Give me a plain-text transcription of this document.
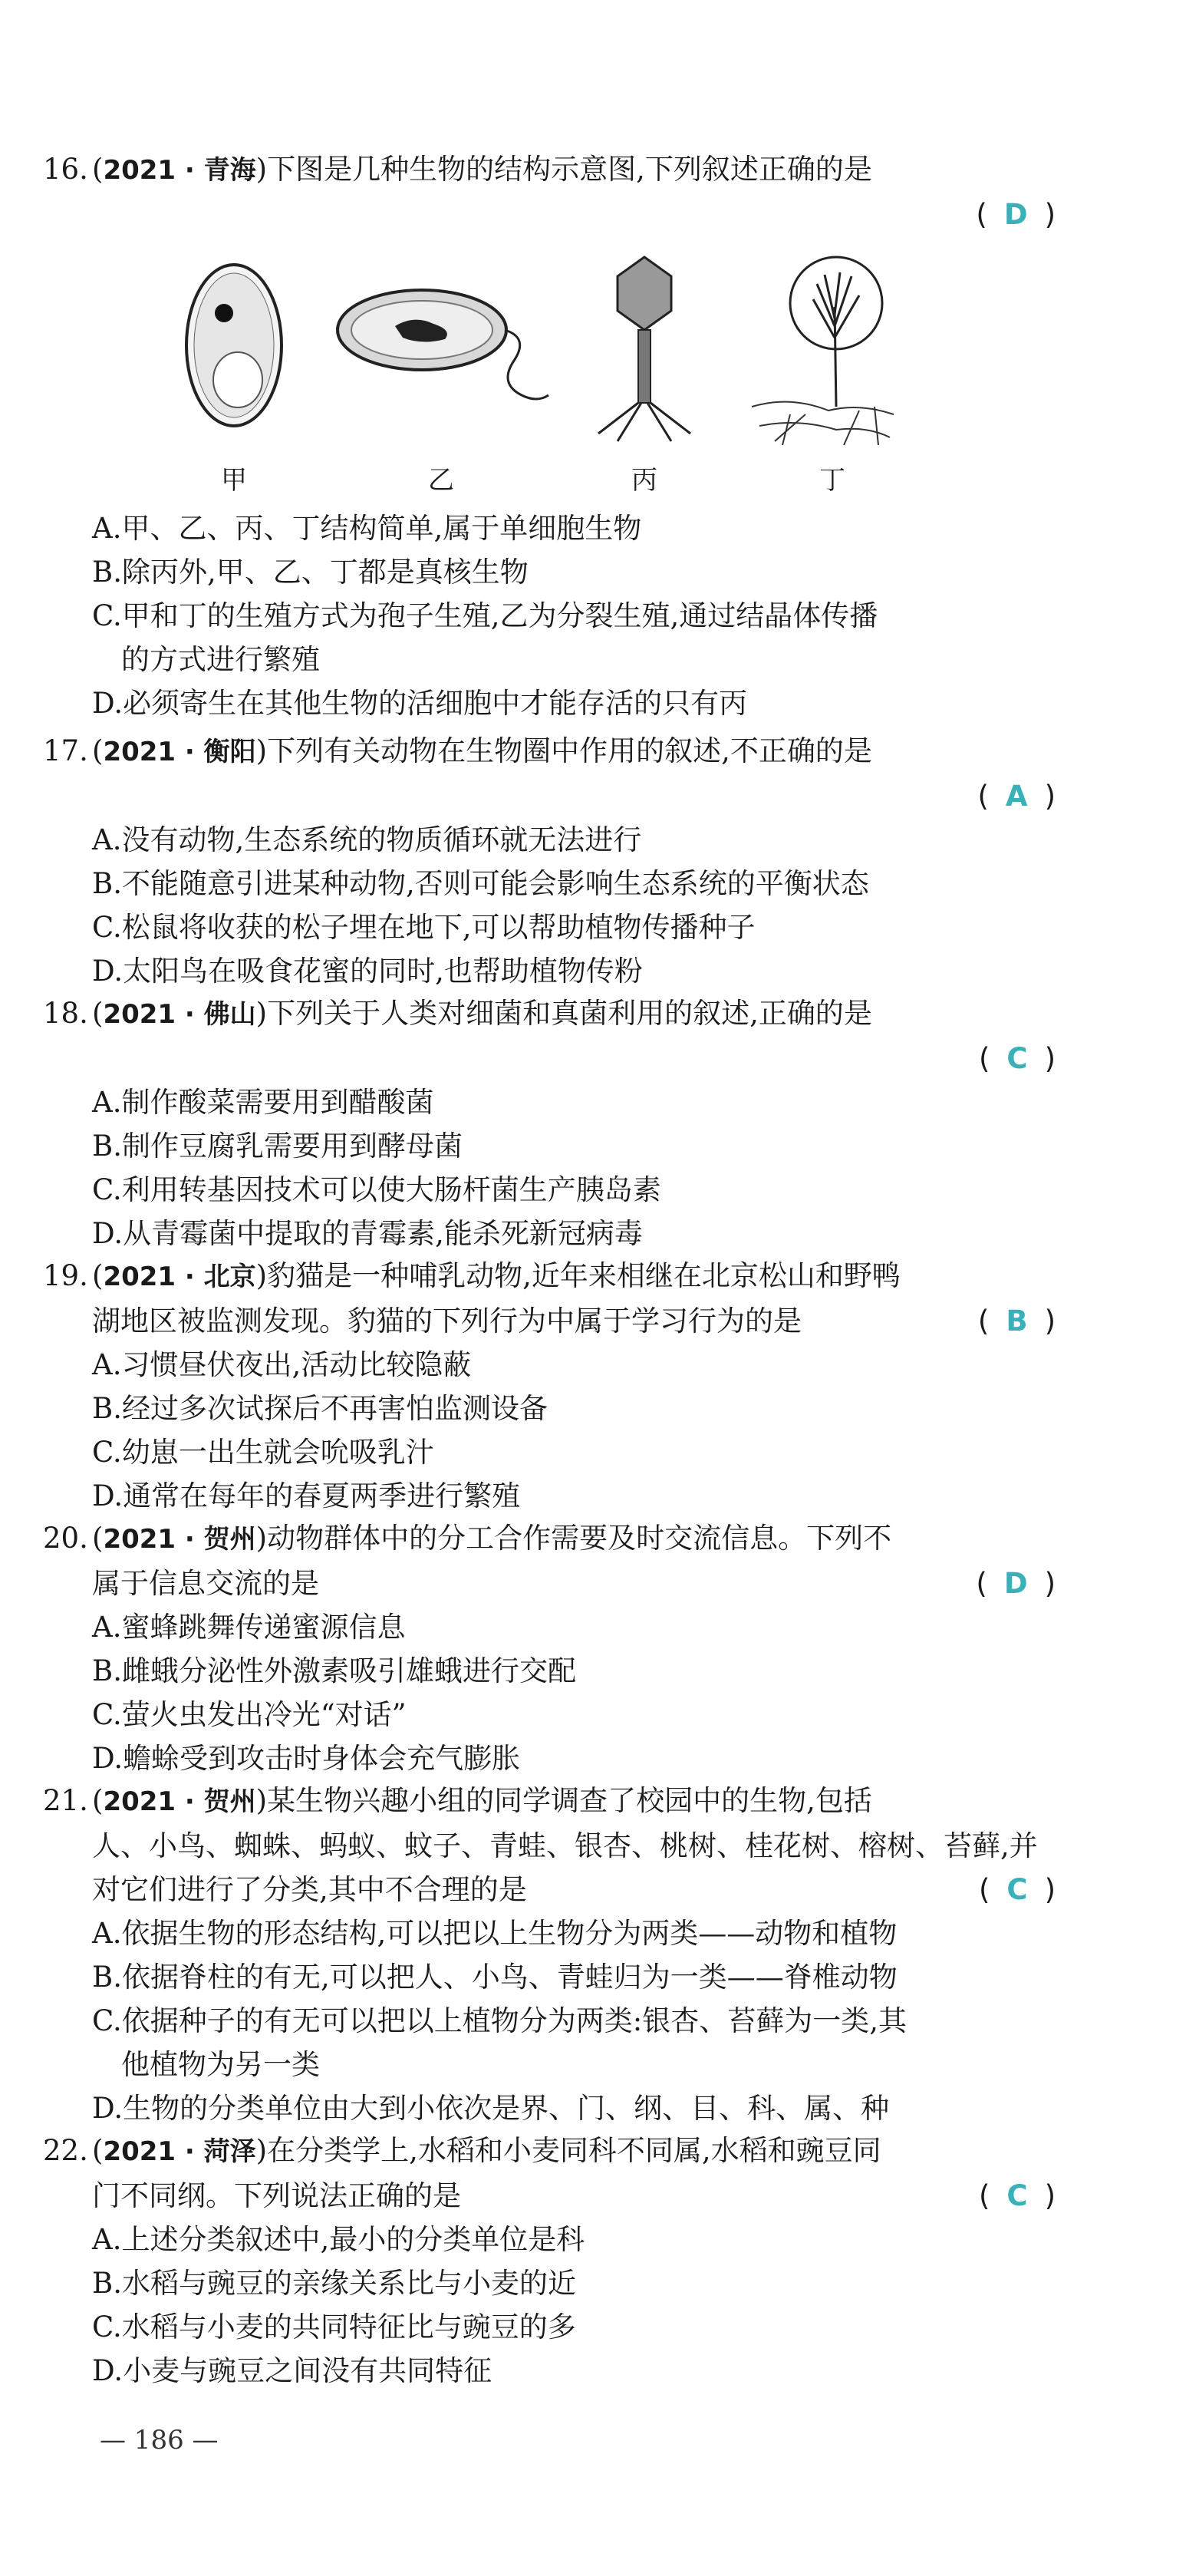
16. (2021 · 青海)下图是几种生物的结构示意图,下列叙述正确的是
( D )
甲	乙	丙	丁
A.甲、乙、丙、丁结构简单,属于单细胞生物
B.除丙外,甲、乙、丁都是真核生物
C.甲和丁的生殖方式为孢子生殖,乙为分裂生殖,通过结晶体传播
的方式进行繁殖
D.必须寄生在其他生物的活细胞中才能存活的只有丙
17. (2021 · 衡阳)下列有关动物在生物圈中作用的叙述,不正确的是
( A )
A.没有动物,生态系统的物质循环就无法进行
B.不能随意引进某种动物,否则可能会影响生态系统的平衡状态
C.松鼠将收获的松子埋在地下,可以帮助植物传播种子
D.太阳鸟在吸食花蜜的同时,也帮助植物传粉
18. (2021 · 佛山)下列关于人类对细菌和真菌利用的叙述,正确的是
( C )
A.制作酸菜需要用到醋酸菌
B.制作豆腐乳需要用到酵母菌
C.利用转基因技术可以使大肠杆菌生产胰岛素
D.从青霉菌中提取的青霉素,能杀死新冠病毒
19. (2021 · 北京)豹猫是一种哺乳动物,近年来相继在北京松山和野鸭
湖地区被监测发现。豹猫的下列行为中属于学习行为的是	( B )
A.习惯昼伏夜出,活动比较隐蔽
B.经过多次试探后不再害怕监测设备
C.幼崽一出生就会吮吸乳汁
D.通常在每年的春夏两季进行繁殖
20. (2021 · 贺州)动物群体中的分工合作需要及时交流信息。下列不
属于信息交流的是	( D )
A.蜜蜂跳舞传递蜜源信息
B.雌蛾分泌性外激素吸引雄蛾进行交配
C.萤火虫发出冷光“对话”
D.蟾蜍受到攻击时身体会充气膨胀
21. (2021 · 贺州)某生物兴趣小组的同学调查了校园中的生物,包括
人、小鸟、蜘蛛、蚂蚁、蚊子、青蛙、银杏、桃树、桂花树、榕树、苔藓,并
对它们进行了分类,其中不合理的是	( C )
A.依据生物的形态结构,可以把以上生物分为两类——动物和植物
B.依据脊柱的有无,可以把人、小鸟、青蛙归为一类——脊椎动物
C.依据种子的有无可以把以上植物分为两类:银杏、苔藓为一类,其
他植物为另一类
D.生物的分类单位由大到小依次是界、门、纲、目、科、属、种
22. (2021 · 菏泽)在分类学上,水稻和小麦同科不同属,水稻和豌豆同
门不同纲。下列说法正确的是	( C )
A.上述分类叙述中,最小的分类单位是科
B.水稻与豌豆的亲缘关系比与小麦的近
C.水稻与小麦的共同特征比与豌豆的多
D.小麦与豌豆之间没有共同特征
— 186 —
